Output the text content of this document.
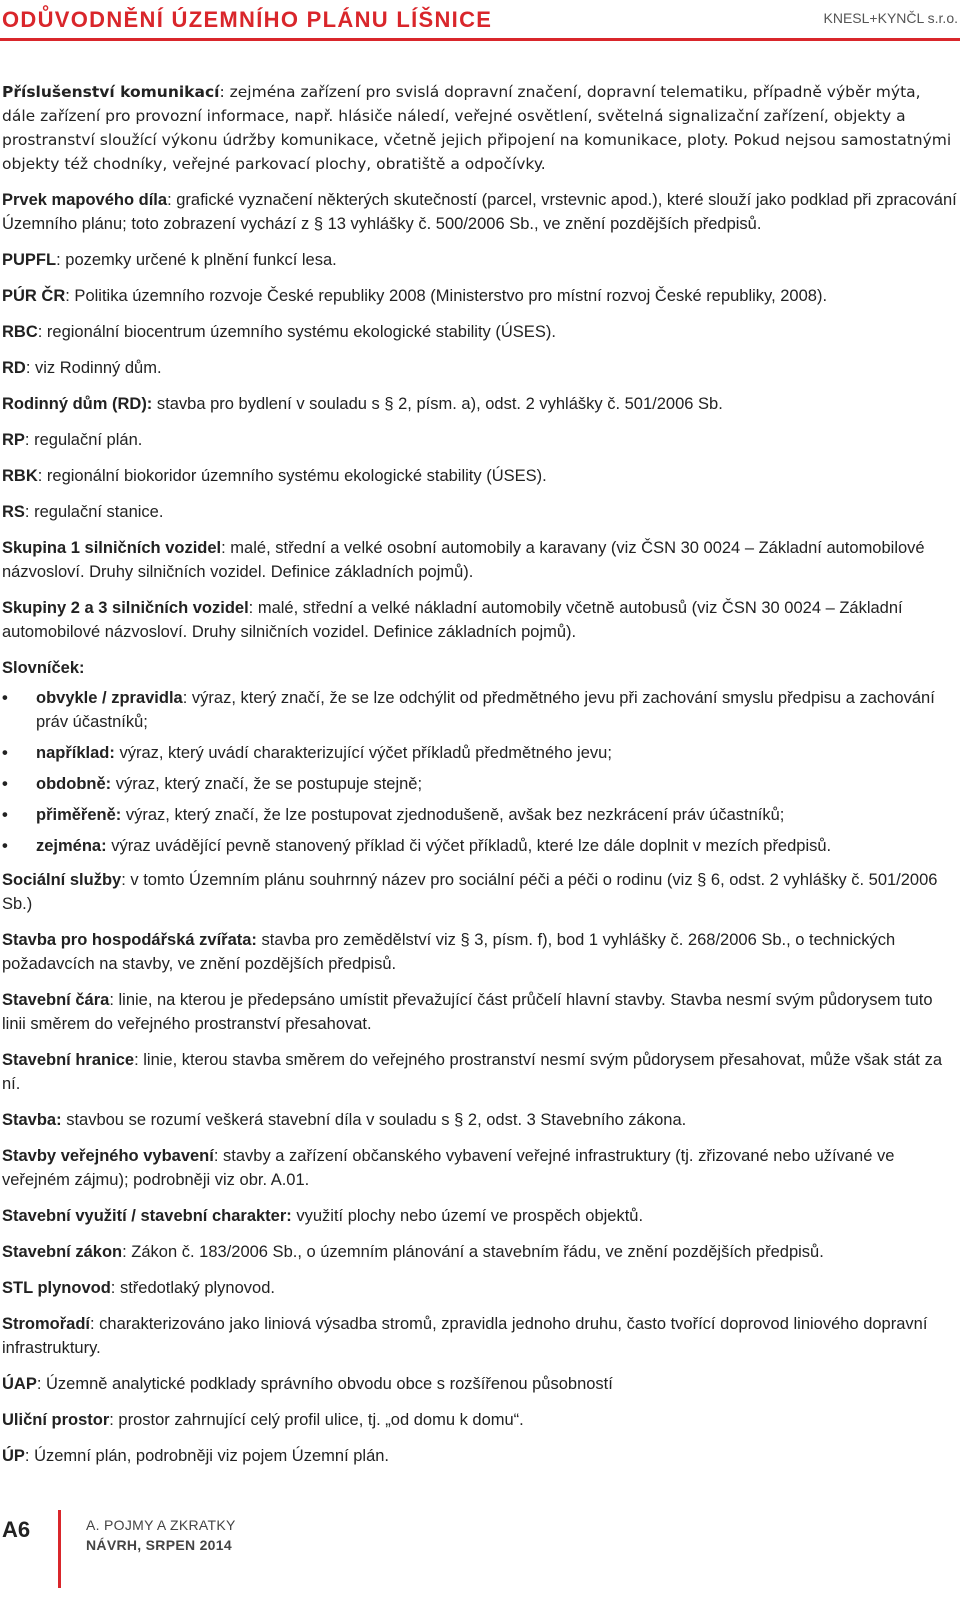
ODŮVODNĚNÍ ÚZEMNÍHO PLÁNU LÍŠNICE	KNESL+KYNČL s.r.o.

Příslušenství komunikací: zejména zařízení pro svislá dopravní značení, dopravní telematiku, případně výběr mýta, dále zařízení pro provozní informace, např. hlásiče náledí, veřejné osvětlení, světelná signalizační zařízení, objekty a prostranství sloužící výkonu údržby komunikace, včetně jejich připojení na komunikace, ploty. Pokud nejsou samostatnými objekty též chodníky, veřejné parkovací plochy, obratiště a odpočívky.

Prvek mapového díla: grafické vyznačení některých skutečností (parcel, vrstevnic apod.), které slouží jako podklad při zpracování Územního plánu; toto zobrazení vychází z § 13 vyhlášky č. 500/2006 Sb., ve znění pozdějších předpisů.

PUPFL: pozemky určené k plnění funkcí lesa.

PÚR ČR: Politika územního rozvoje České republiky 2008 (Ministerstvo pro místní rozvoj České republiky, 2008).

RBC: regionální biocentrum územního systému ekologické stability (ÚSES).

RD: viz Rodinný dům.

Rodinný dům (RD): stavba pro bydlení v souladu s § 2, písm. a), odst. 2 vyhlášky č. 501/2006 Sb.

RP: regulační plán.

RBK: regionální biokoridor územního systému ekologické stability (ÚSES).

RS: regulační stanice.

Skupina 1 silničních vozidel: malé, střední a velké osobní automobily a karavany (viz ČSN 30 0024 – Základní automobilové názvosloví. Druhy silničních vozidel. Definice základních pojmů).

Skupiny 2 a 3 silničních vozidel: malé, střední a velké nákladní automobily včetně autobusů (viz ČSN 30 0024 – Základní automobilové názvosloví. Druhy silničních vozidel. Definice základních pojmů).

Slovníček:
• obvykle / zpravidla: výraz, který značí, že se lze odchýlit od předmětného jevu při zachování smyslu předpisu a zachování práv účastníků;
• například: výraz, který uvádí charakterizující výčet příkladů předmětného jevu;
• obdobně: výraz, který značí, že se postupuje stejně;
• přiměřeně: výraz, který značí, že lze postupovat zjednodušeně, avšak bez nezkrácení práv účastníků;
• zejména: výraz uvádějící pevně stanovený příklad či výčet příkladů, které lze dále doplnit v mezích předpisů.

Sociální služby: v tomto Územním plánu souhrnný název pro sociální péči a péči o rodinu (viz § 6, odst. 2 vyhlášky č. 501/2006 Sb.)

Stavba pro hospodářská zvířata: stavba pro zemědělství viz § 3, písm. f), bod 1 vyhlášky č. 268/2006 Sb., o technických požadavcích na stavby, ve znění pozdějších předpisů.

Stavební čára: linie, na kterou je předepsáno umístit převažující část průčelí hlavní stavby. Stavba nesmí svým půdorysem tuto linii směrem do veřejného prostranství přesahovat.

Stavební hranice: linie, kterou stavba směrem do veřejného prostranství nesmí svým půdorysem přesahovat, může však stát za ní.

Stavba: stavbou se rozumí veškerá stavební díla v souladu s § 2, odst. 3 Stavebního zákona.

Stavby veřejného vybavení: stavby a zařízení občanského vybavení veřejné infrastruktury (tj. zřizované nebo užívané ve veřejném zájmu); podrobněji viz obr. A.01.

Stavební využití / stavební charakter: využití plochy nebo území ve prospěch objektů.

Stavební zákon: Zákon č. 183/2006 Sb., o územním plánování a stavebním řádu, ve znění pozdějších předpisů.

STL plynovod: středotlaký plynovod.

Stromořadí: charakterizováno jako liniová výsadba stromů, zpravidla jednoho druhu, často tvořící doprovod liniového dopravní infrastruktury.

ÚAP: Územně analytické podklady správního obvodu obce s rozšířenou působností

Uliční prostor: prostor zahrnující celý profil ulice, tj. „od domu k domu“.

ÚP: Územní plán, podrobněji viz pojem Územní plán.

A6	A. POJMY A ZKRATKY
NÁVRH, SRPEN 2014
